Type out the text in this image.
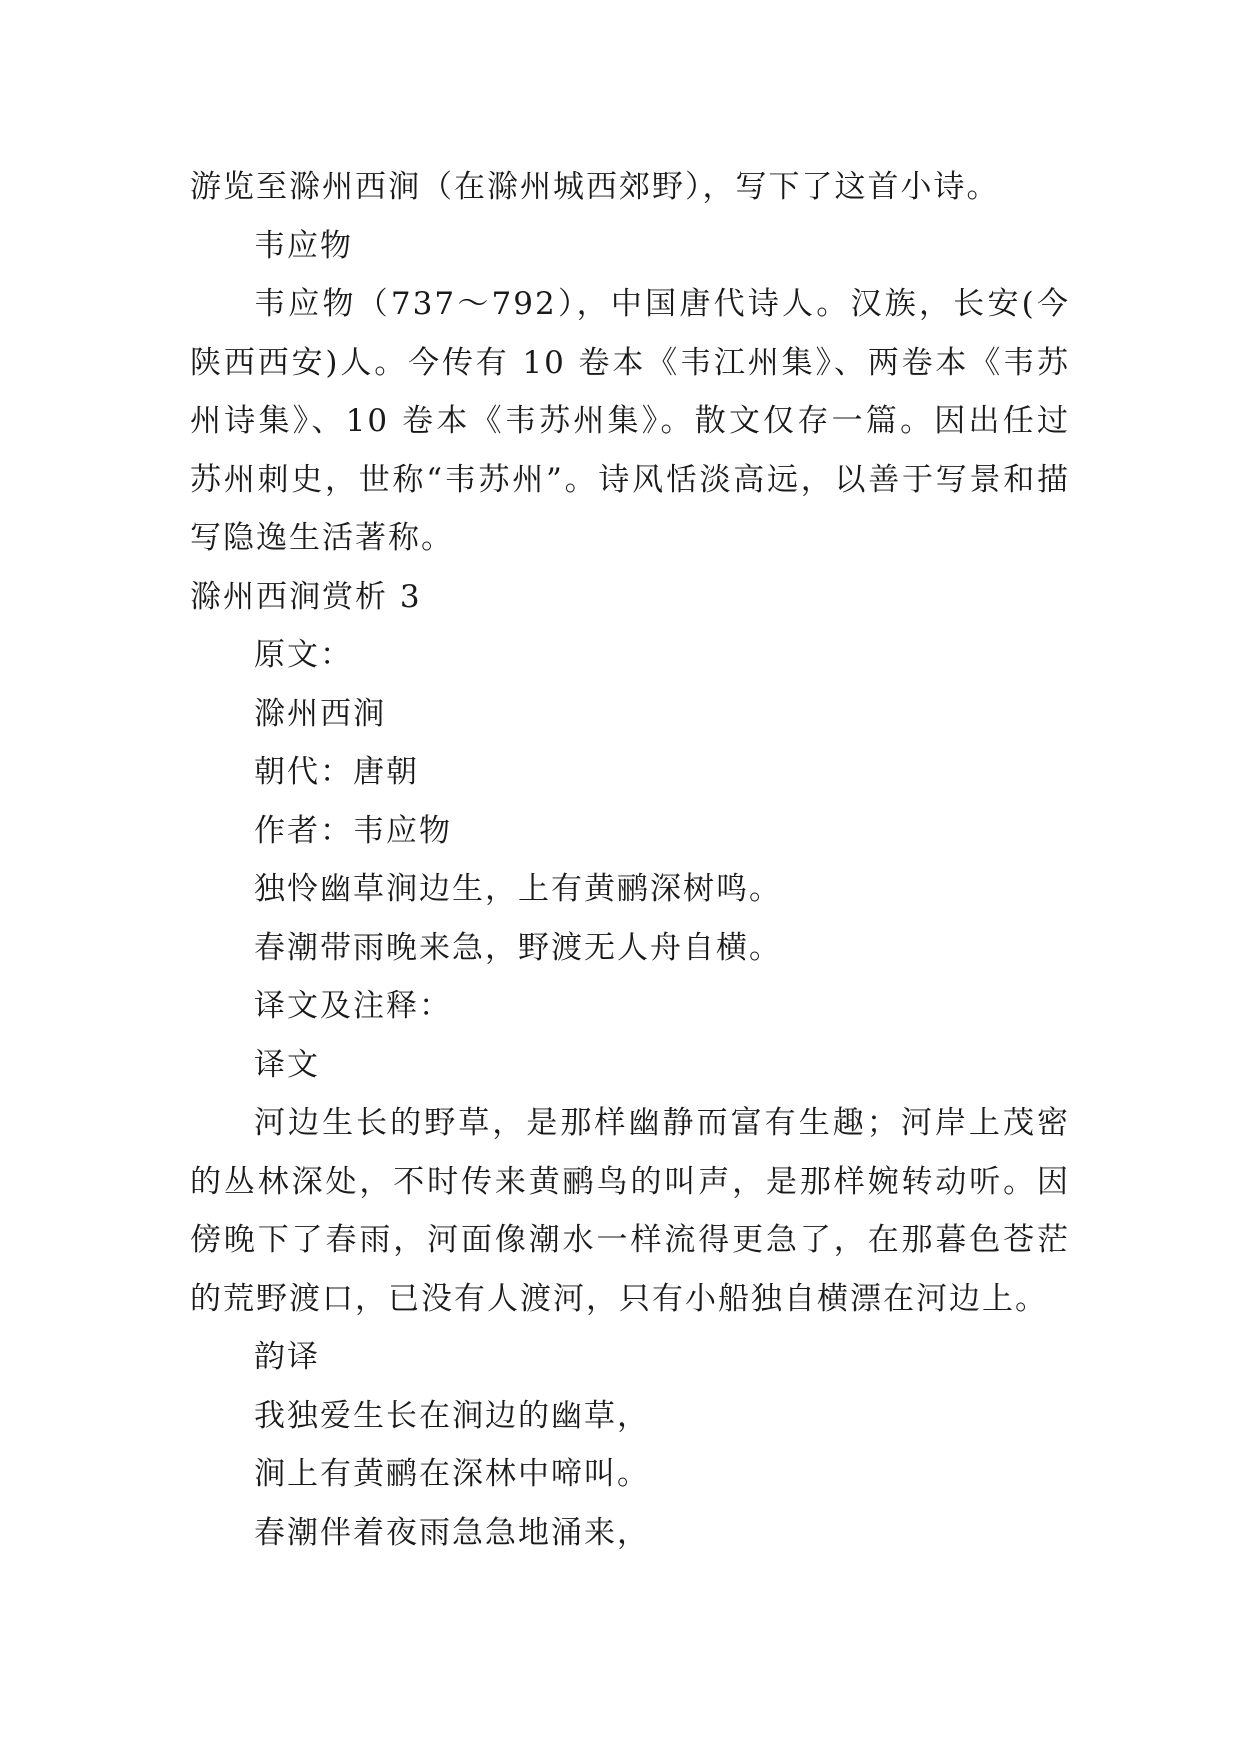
游览至滁州西涧（在滁州城西郊野），写下了这首小诗。

韦应物

韦应物（737～792），中国唐代诗人。汉族，长安(今陕西西安)人。今传有 10 卷本《韦江州集》、两卷本《韦苏州诗集》、10 卷本《韦苏州集》。散文仅存一篇。因出任过苏州刺史，世称“韦苏州”。诗风恬淡高远，以善于写景和描写隐逸生活著称。

滁州西涧赏析 3

原文：

滁州西涧

朝代：唐朝

作者：韦应物

独怜幽草涧边生，上有黄鹂深树鸣。

春潮带雨晚来急，野渡无人舟自横。

译文及注释：

译文

河边生长的野草，是那样幽静而富有生趣；河岸上茂密的丛林深处，不时传来黄鹂鸟的叫声，是那样婉转动听。因傍晚下了春雨，河面像潮水一样流得更急了，在那暮色苍茫的荒野渡口，已没有人渡河，只有小船独自横漂在河边上。

韵译

我独爱生长在涧边的幽草，

涧上有黄鹂在深林中啼叫。

春潮伴着夜雨急急地涌来，
